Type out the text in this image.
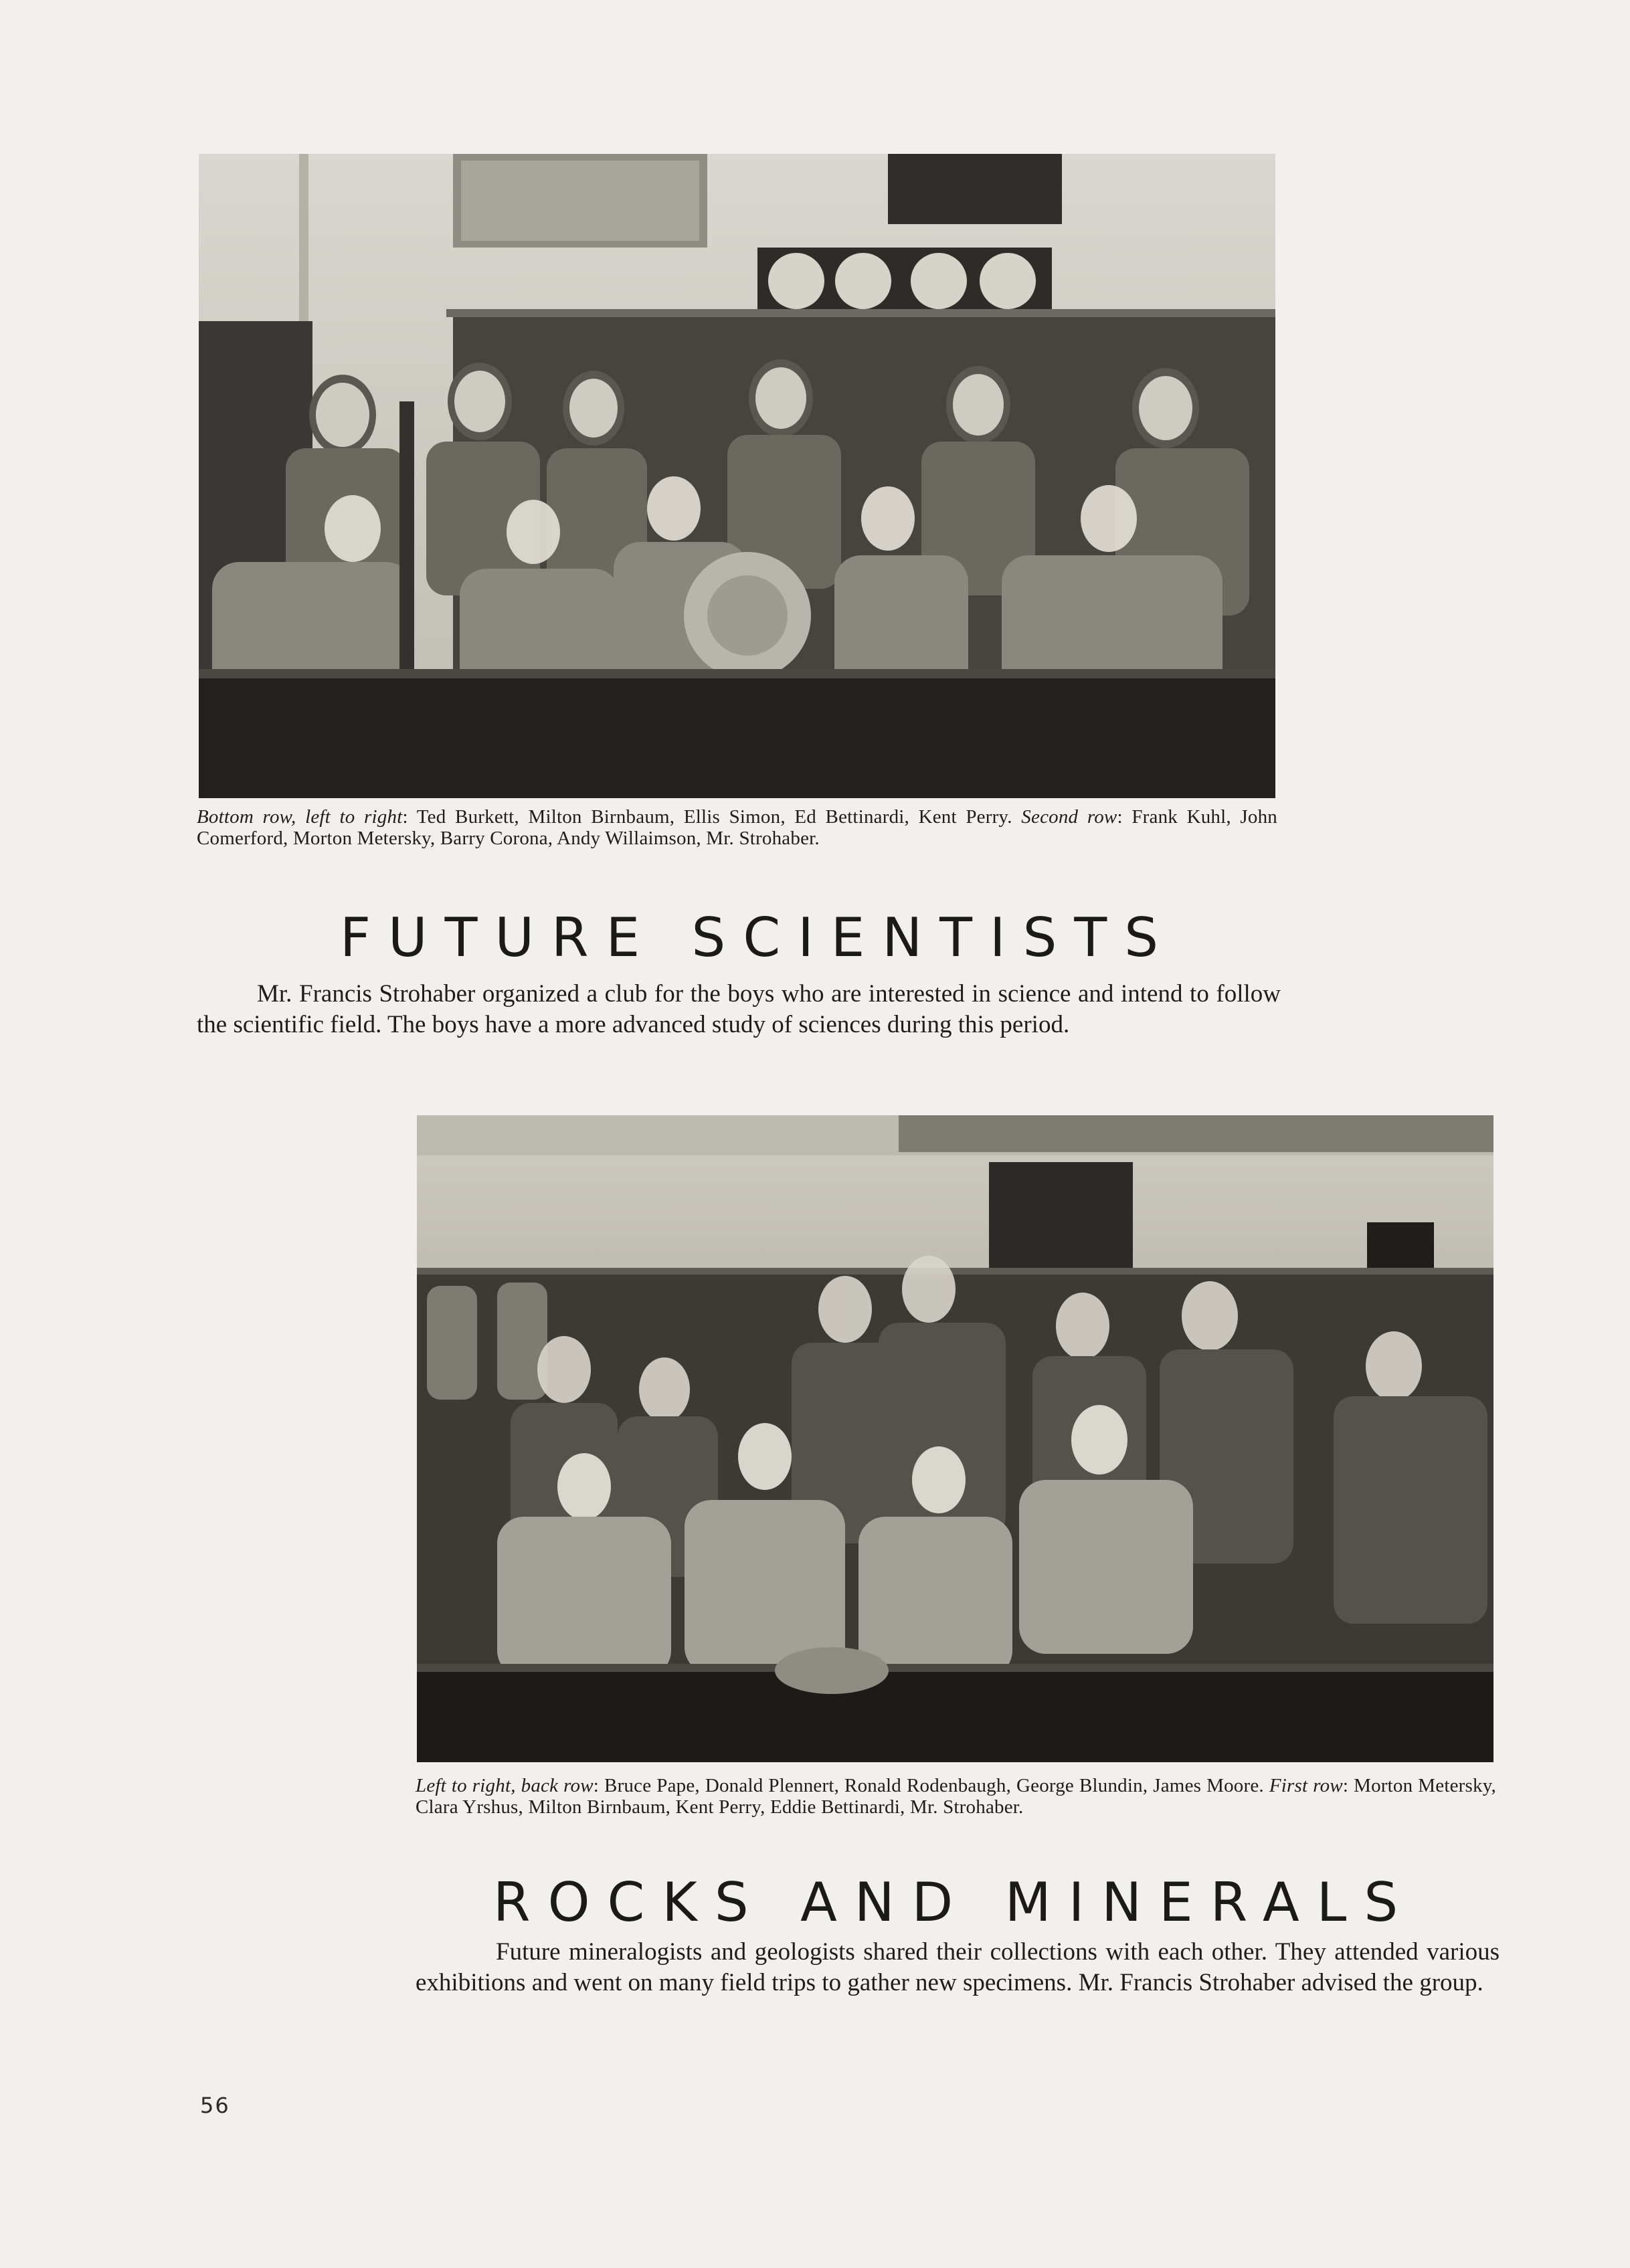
Bottom row, left to right: Ted Burkett, Milton Birnbaum, Ellis Simon, Ed Bettinardi, Kent Perry. Second row: Frank Kuhl, John Comerford, Morton Metersky, Barry Corona, Andy Willaimson, Mr. Strohaber.
FUTURE SCIENTISTS

Mr. Francis Strohaber organized a club for the boys who are interested in science and intend to follow the scientific field. The boys have a more advanced study of sciences during this period.

Left to right, back row: Bruce Pape, Donald Plennert, Ronald Rodenbaugh, George Blundin, James Moore. First row: Morton Metersky, Clara Yrshus, Milton Birnbaum, Kent Perry, Eddie Bettinardi, Mr. Strohaber.
ROCKS AND MINERALS

Future mineralogists and geologists shared their collections with each other. They attended various exhibitions and went on many field trips to gather new specimens. Mr. Francis Strohaber advised the group.

56
